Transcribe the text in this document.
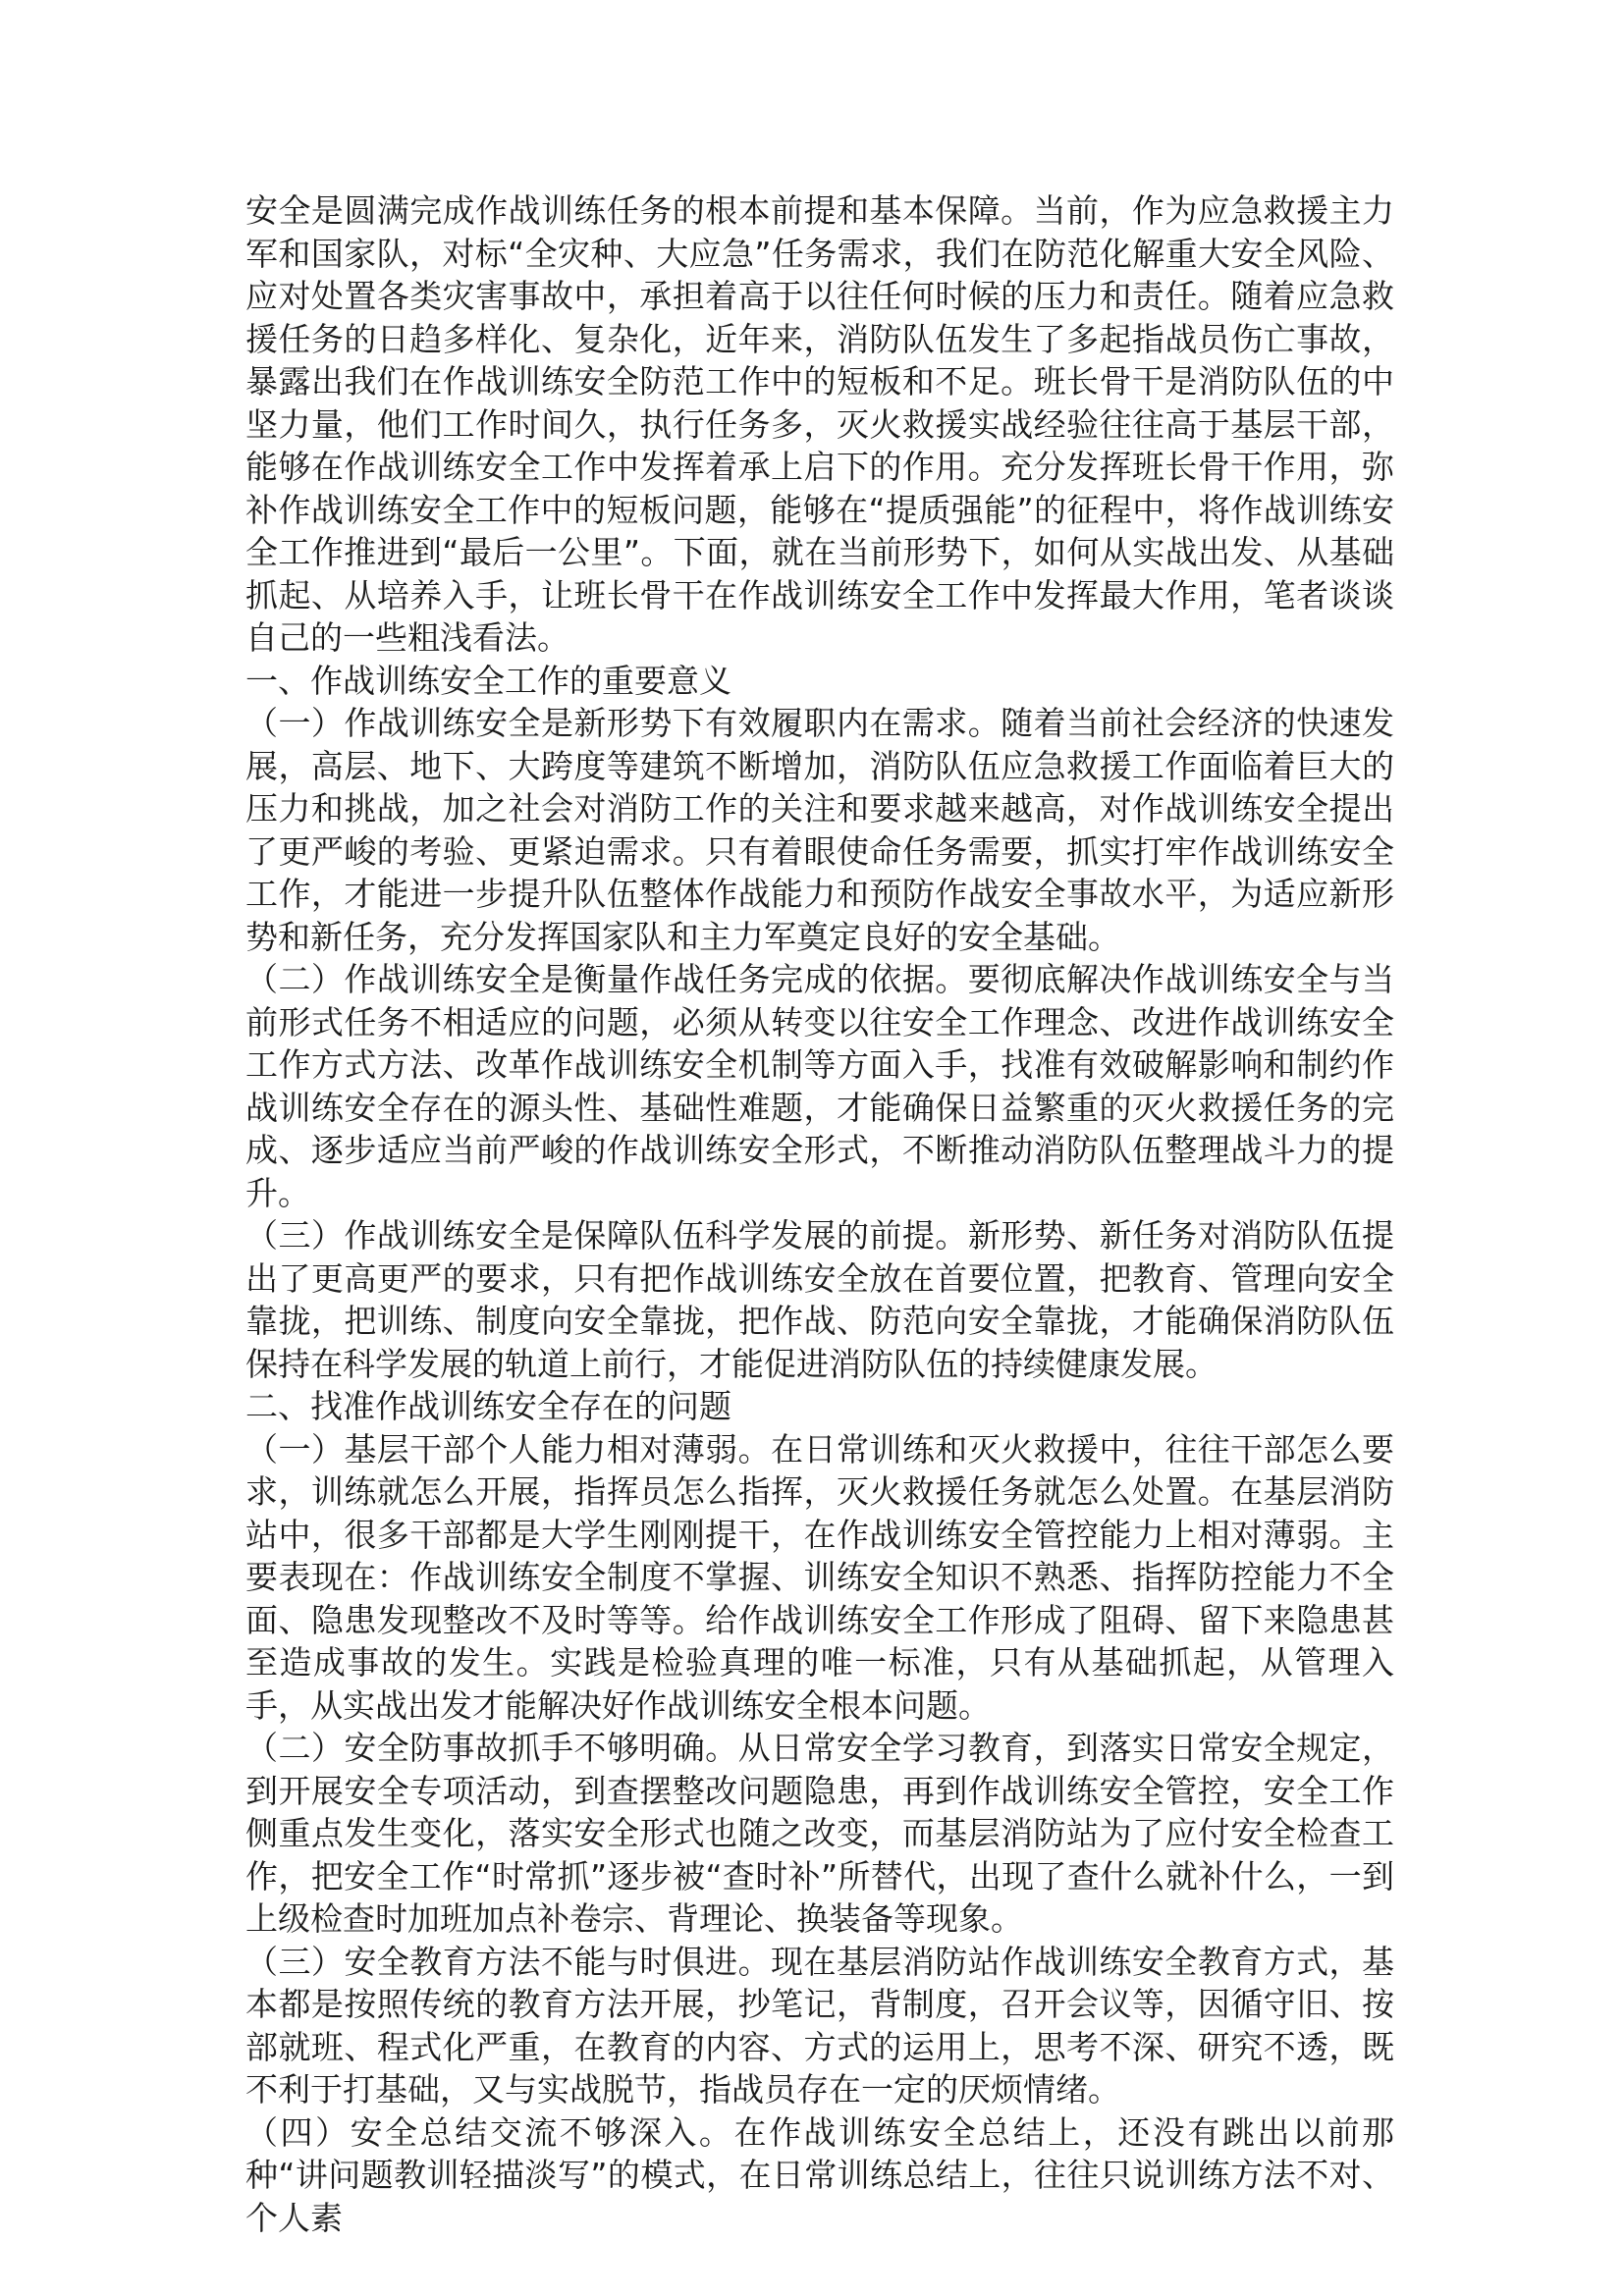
安全是圆满完成作战训练任务的根本前提和基本保障。当前，作为应急救援主力军和国家队，对标“全灾种、大应急”任务需求，我们在防范化解重大安全风险、应对处置各类灾害事故中，承担着高于以往任何时候的压力和责任。随着应急救援任务的日趋多样化、复杂化，近年来，消防队伍发生了多起指战员伤亡事故，暴露出我们在作战训练安全防范工作中的短板和不足。班长骨干是消防队伍的中坚力量，他们工作时间久，执行任务多，灭火救援实战经验往往高于基层干部，能够在作战训练安全工作中发挥着承上启下的作用。充分发挥班长骨干作用，弥补作战训练安全工作中的短板问题，能够在“提质强能”的征程中，将作战训练安全工作推进到“最后一公里”。下面，就在当前形势下，如何从实战出发、从基础抓起、从培养入手，让班长骨干在作战训练安全工作中发挥最大作用，笔者谈谈自己的一些粗浅看法。

一、作战训练安全工作的重要意义

（一）作战训练安全是新形势下有效履职内在需求。随着当前社会经济的快速发展，高层、地下、大跨度等建筑不断增加，消防队伍应急救援工作面临着巨大的压力和挑战，加之社会对消防工作的关注和要求越来越高，对作战训练安全提出了更严峻的考验、更紧迫需求。只有着眼使命任务需要，抓实打牢作战训练安全工作，才能进一步提升队伍整体作战能力和预防作战安全事故水平，为适应新形势和新任务，充分发挥国家队和主力军奠定良好的安全基础。

（二）作战训练安全是衡量作战任务完成的依据。要彻底解决作战训练安全与当前形式任务不相适应的问题，必须从转变以往安全工作理念、改进作战训练安全工作方式方法、改革作战训练安全机制等方面入手，找准有效破解影响和制约作战训练安全存在的源头性、基础性难题，才能确保日益繁重的灭火救援任务的完成、逐步适应当前严峻的作战训练安全形式，不断推动消防队伍整理战斗力的提升。

（三）作战训练安全是保障队伍科学发展的前提。新形势、新任务对消防队伍提出了更高更严的要求，只有把作战训练安全放在首要位置，把教育、管理向安全靠拢，把训练、制度向安全靠拢，把作战、防范向安全靠拢，才能确保消防队伍保持在科学发展的轨道上前行，才能促进消防队伍的持续健康发展。

二、找准作战训练安全存在的问题

（一）基层干部个人能力相对薄弱。在日常训练和灭火救援中，往往干部怎么要求，训练就怎么开展，指挥员怎么指挥，灭火救援任务就怎么处置。在基层消防站中，很多干部都是大学生刚刚提干，在作战训练安全管控能力上相对薄弱。主要表现在：作战训练安全制度不掌握、训练安全知识不熟悉、指挥防控能力不全面、隐患发现整改不及时等等。给作战训练安全工作形成了阻碍、留下来隐患甚至造成事故的发生。实践是检验真理的唯一标准，只有从基础抓起，从管理入手，从实战出发才能解决好作战训练安全根本问题。

（二）安全防事故抓手不够明确。从日常安全学习教育，到落实日常安全规定，到开展安全专项活动，到查摆整改问题隐患，再到作战训练安全管控，安全工作侧重点发生变化，落实安全形式也随之改变，而基层消防站为了应付安全检查工作，把安全工作“时常抓”逐步被“查时补”所替代，出现了查什么就补什么，一到上级检查时加班加点补卷宗、背理论、换装备等现象。

（三）安全教育方法不能与时俱进。现在基层消防站作战训练安全教育方式，基本都是按照传统的教育方法开展，抄笔记，背制度，召开会议等，因循守旧、按部就班、程式化严重，在教育的内容、方式的运用上，思考不深、研究不透，既不利于打基础，又与实战脱节，指战员存在一定的厌烦情绪。

（四）安全总结交流不够深入。在作战训练安全总结上，还没有跳出以前那种“讲问题教训轻描淡写”的模式，在日常训练总结上，往往只说训练方法不对、个人素
